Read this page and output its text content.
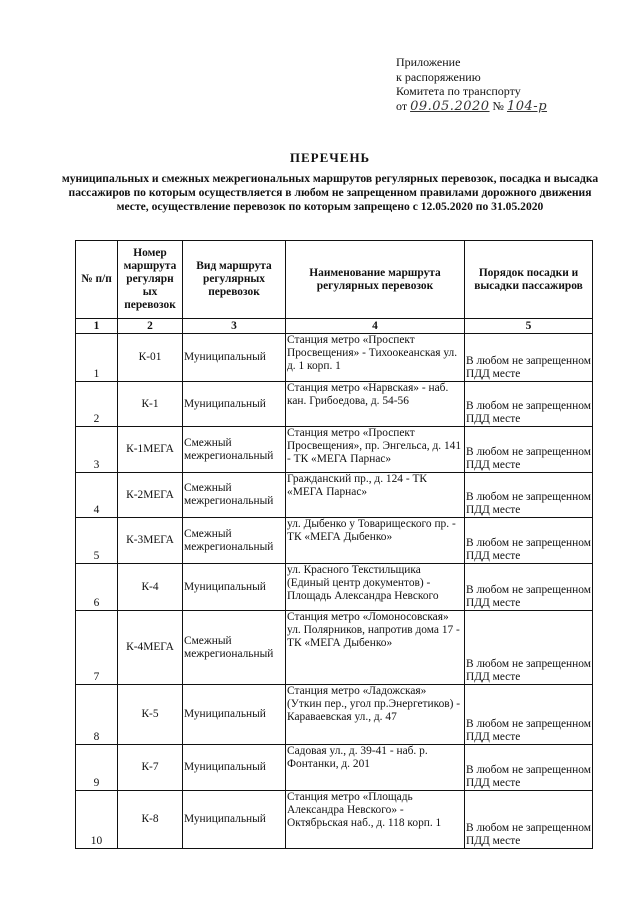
Приложение
к распоряжению
Комитета по транспорту
от 09.05.2020 № 104-р
ПЕРЕЧЕНЬ
муниципальных и смежных межрегиональных маршрутов регулярных перевозок, посадка и высадка пассажиров по которым осуществляется в любом не запрещенном правилами дорожного движения месте, осуществление перевозок по которым запрещено с 12.05.2020 по 31.05.2020
№ п/п	Номер маршрута регулярн ых перевозок	Вид маршрута регулярных перевозок	Наименование маршрута регулярных перевозок	Порядок посадки и высадки пассажиров
1	2	3	4	5
1	К-01	Муниципальный	Станция метро «Проспект Просвещения» - Тихоокеанская ул. д. 1 корп. 1	В любом не запрещенном ПДД месте
2	К-1	Муниципальный	Станция метро «Нарвская» - наб. кан. Грибоедова, д. 54-56	В любом не запрещенном ПДД месте
3	К-1МЕГА	Смежный межрегиональный	Станция метро «Проспект Просвещения», пр. Энгельса, д. 141 - ТК «МЕГА Парнас»	В любом не запрещенном ПДД месте
4	К-2МЕГА	Смежный межрегиональный	Гражданский пр., д. 124 - ТК «МЕГА Парнас»	В любом не запрещенном ПДД месте
5	К-3МЕГА	Смежный межрегиональный	ул. Дыбенко у Товарищеского пр. - ТК «МЕГА Дыбенко»	В любом не запрещенном ПДД месте
6	К-4	Муниципальный	ул. Красного Текстильщика (Единый центр документов) - Площадь Александра Невского	В любом не запрещенном ПДД месте
7	К-4МЕГА	Смежный межрегиональный	Станция метро «Ломоносовская» ул. Полярников, напротив дома 17 - ТК «МЕГА Дыбенко»	В любом не запрещенном ПДД месте
8	К-5	Муниципальный	Станция метро «Ладожская» (Уткин пер., угол пр.Энергетиков) - Караваевская ул., д. 47	В любом не запрещенном ПДД месте
9	К-7	Муниципальный	Садовая ул., д. 39-41 - наб. р. Фонтанки, д. 201	В любом не запрещенном ПДД месте
10	К-8	Муниципальный	Станция метро «Площадь Александра Невского» - Октябрьская наб., д. 118 корп. 1	В любом не запрещенном ПДД месте
